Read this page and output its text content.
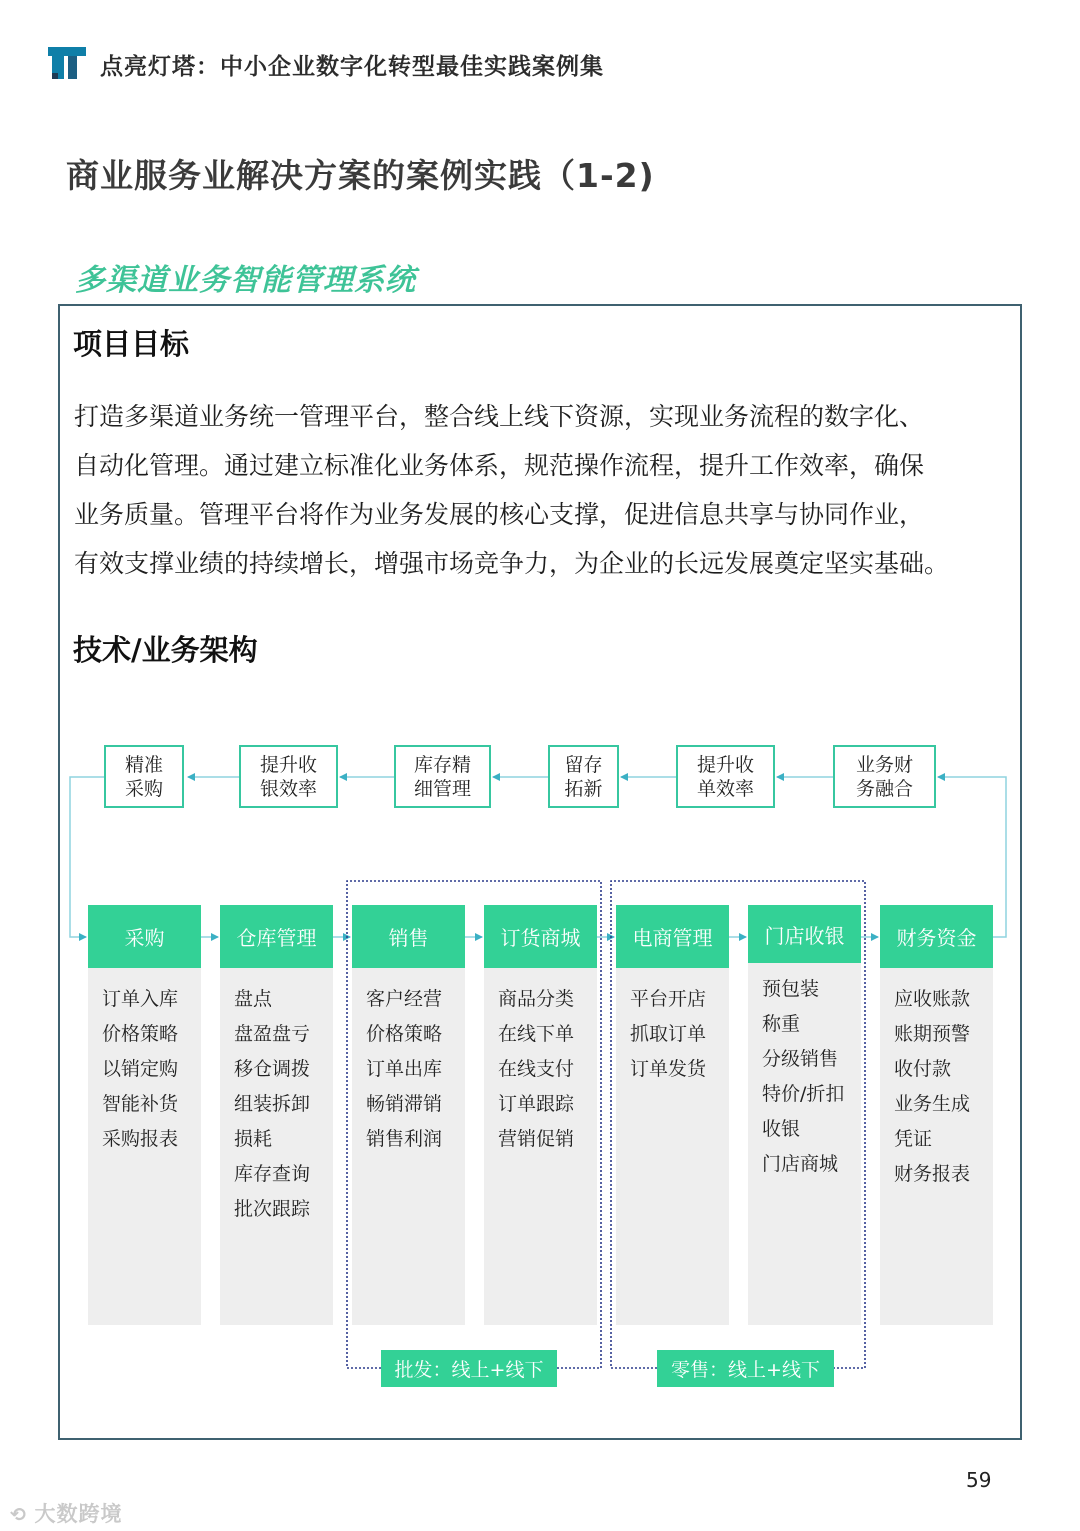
点亮灯塔：中小企业数字化转型最佳实践案例集
商业服务业解决方案的案例实践（1-2)
多渠道业务智能管理系统
项目目标
打造多渠道业务统一管理平台，整合线上线下资源，实现业务流程的数字化、
自动化管理。通过建立标准化业务体系，规范操作流程，提升工作效率，确保
业务质量。管理平台将作为业务发展的核心支撑，促进信息共享与协同作业，
有效支撑业绩的持续增长，增强市场竞争力，为企业的长远发展奠定坚实基础。
技术/业务架构
精准
采购
提升收
银效率
库存精
细管理
留存
拓新
提升收
单效率
业务财
务融合
采购
订单入库
价格策略
以销定购
智能补货
采购报表
仓库管理
盘点
盘盈盘亏
移仓调拨
组装拆卸
损耗
库存查询
批次跟踪
销售
客户经营
价格策略
订单出库
畅销滞销
销售利润
订货商城
商品分类
在线下单
在线支付
订单跟踪
营销促销
电商管理
平台开店
抓取订单
订单发货
门店收银
预包装
称重
分级销售
特价/折扣
收银
门店商城
财务资金
应收账款
账期预警
收付款
业务生成
凭证
财务报表
批发：线上+线下	零售：线上+线下
59
⟲ 大数跨境
